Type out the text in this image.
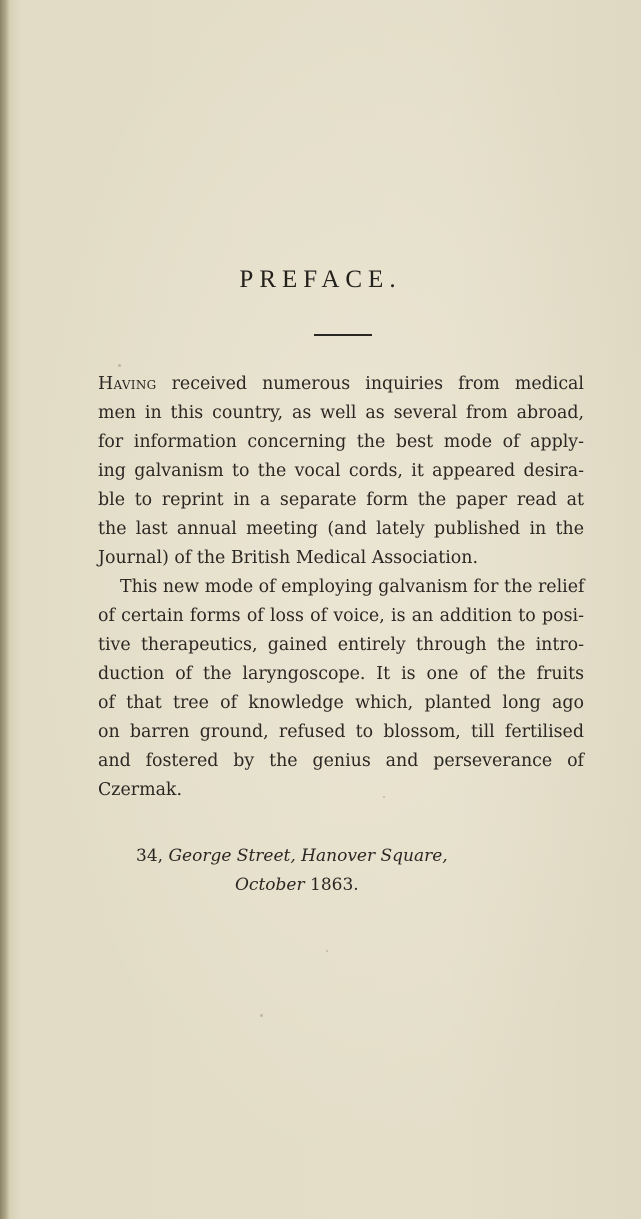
PREFACE.
Having received numerous inquiries from medical
men in this country, as well as several from abroad,
for information concerning the best mode of apply-
ing galvanism to the vocal cords, it appeared desira-
ble to reprint in a separate form the paper read at
the last annual meeting (and lately published in the
Journal) of the British Medical Association.
This new mode of employing galvanism for the relief
of certain forms of loss of voice, is an addition to posi-
tive therapeutics, gained entirely through the intro-
duction of the laryngoscope. It is one of the fruits
of that tree of knowledge which, planted long ago
on barren ground, refused to blossom, till fertilised
and fostered by the genius and perseverance of
Czermak.
34, George Street, Hanover Square,
October 1863.
